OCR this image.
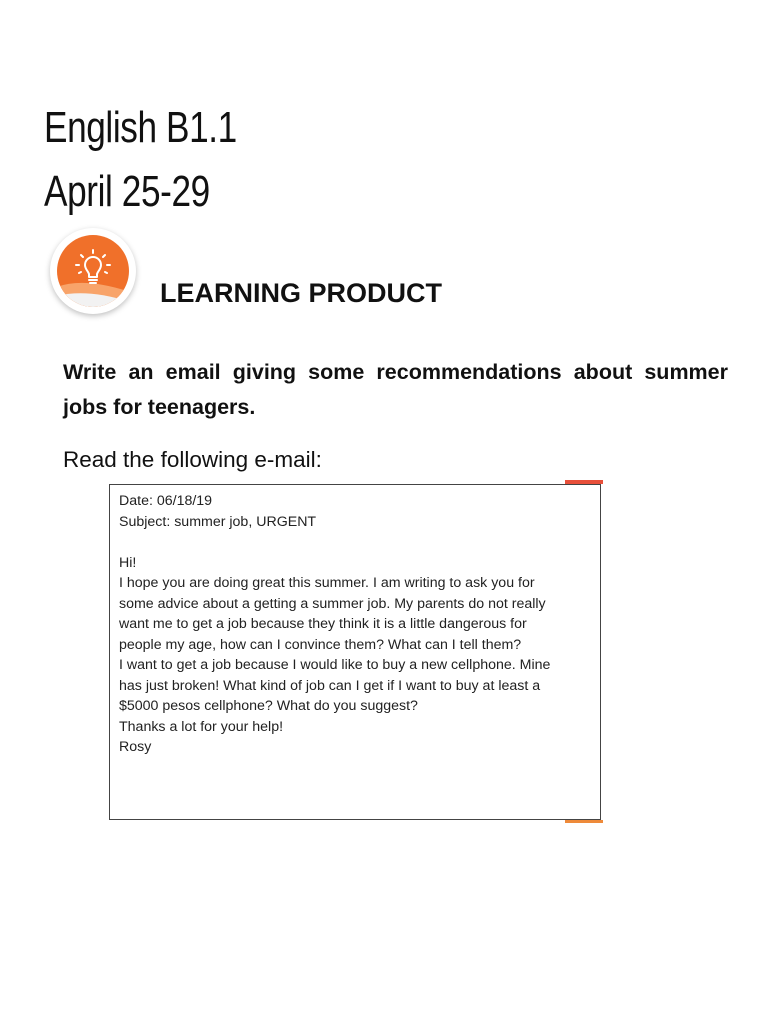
English B1.1
April 25-29
LEARNING PRODUCT
Write an email giving some recommendations about summer jobs for teenagers.
Read the following e-mail:
Date: 06/18/19
Subject: summer job, URGENT
Hi!
I hope you are doing great this summer. I am writing to ask you for
some advice about a getting a summer job. My parents do not really
want me to get a job because they think it is a little dangerous for
people my age, how can I convince them? What can I tell them?
I want to get a job because I would like to buy a new cellphone. Mine
has just broken! What kind of job can I get if I want to buy at least a
$5000 pesos cellphone? What do you suggest?
Thanks a lot for your help!
Rosy
